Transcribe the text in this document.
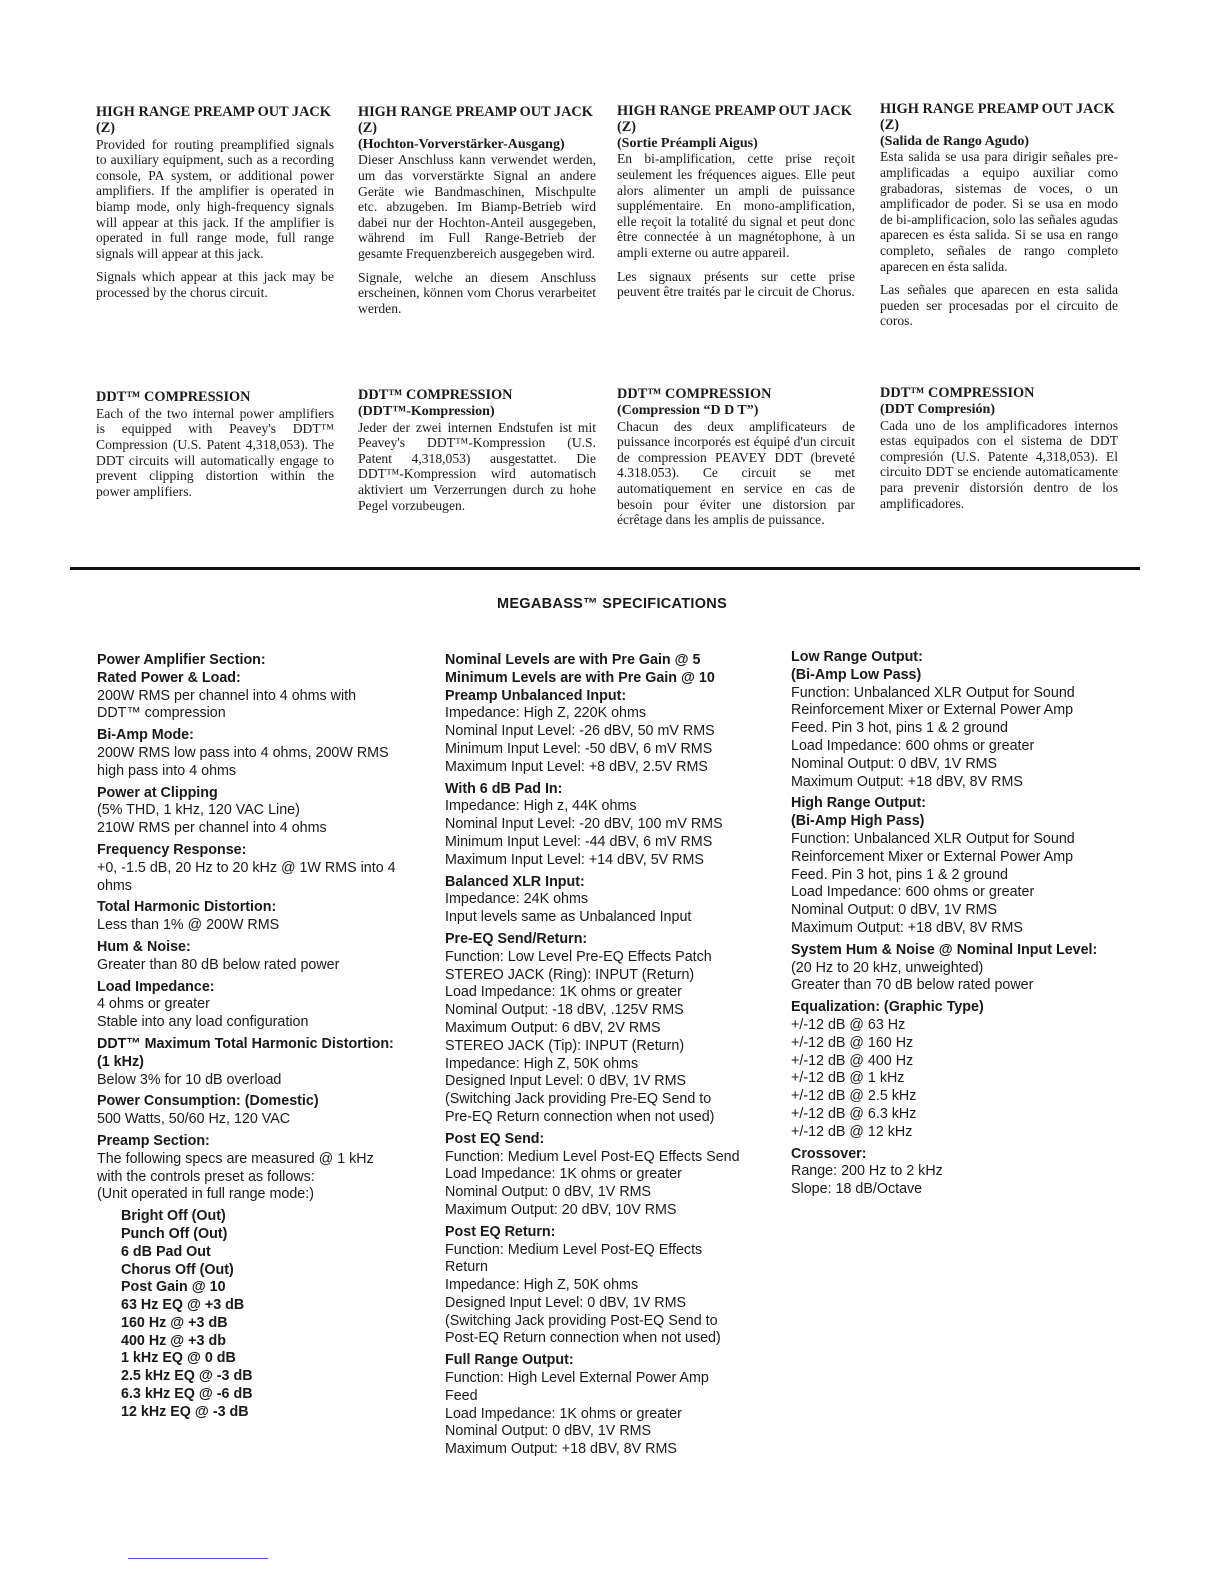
HIGH RANGE PREAMP OUT JACK (Z)

Provided for routing preamplified signals to auxiliary equipment, such as a recording console, PA system, or additional power amplifiers. If the amplifier is operated in biamp mode, only high-frequency signals will appear at this jack. If the amplifier is operated in full range mode, full range signals will appear at this jack.

Signals which appear at this jack may be processed by the chorus circuit.

DDT™ COMPRESSION

Each of the two internal power amplifiers is equipped with Peavey's DDT™ Compression (U.S. Patent 4,318,053). The DDT circuits will automatically engage to prevent clipping distortion within the power amplifiers.

HIGH RANGE PREAMP OUT JACK (Z)
(Hochton-Vorverstärker-Ausgang)

Dieser Anschluss kann verwendet werden, um das vorverstärkte Signal an andere Geräte wie Bandmaschinen, Mischpulte etc. abzugeben. Im Biamp-Betrieb wird dabei nur der Hochton-Anteil ausgegeben, während im Full Range-Betrieb der gesamte Frequenzbereich ausgegeben wird.

Signale, welche an diesem Anschluss erscheinen, können vom Chorus verarbeitet werden.

DDT™ COMPRESSION
(DDT™-Kompression)

Jeder der zwei internen Endstufen ist mit Peavey's DDT™-Kompression (U.S. Patent 4,318,053) ausgestattet. Die DDT™-Kompression wird automatisch aktiviert um Verzerrungen durch zu hohe Pegel vorzubeugen.

HIGH RANGE PREAMP OUT JACK (Z)
(Sortie Préampli Aigus)

En bi-amplification, cette prise reçoit seulement les fréquences aigues. Elle peut alors alimenter un ampli de puissance supplémentaire. En mono-amplification, elle reçoit la totalité du signal et peut donc être connectée à un magnétophone, à un ampli externe ou autre appareil.

Les signaux présents sur cette prise peuvent être traités par le circuit de Chorus.

DDT™ COMPRESSION
(Compression “D D T”)

Chacun des deux amplificateurs de puissance incorporés est équipé d'un circuit de compression PEAVEY DDT (breveté 4.318.053). Ce circuit se met automatiquement en service en cas de besoin pour éviter une distorsion par écrêtage dans les amplis de puissance.

HIGH RANGE PREAMP OUT JACK (Z)
(Salida de Rango Agudo)

Esta salida se usa para dirigir señales pre-amplificadas a equipo auxiliar como grabadoras, sistemas de voces, o un amplificador de poder. Si se usa en modo de bi-amplificacion, solo las señales agudas aparecen es ésta salida. Si se usa en rango completo, señales de rango completo aparecen en ésta salida.

Las señales que aparecen en esta salida pueden ser procesadas por el circuito de coros.

DDT™ COMPRESSION
(DDT Compresión)

Cada uno de los amplificadores internos estas equipados con el sistema de DDT compresión (U.S. Patente 4,318,053). El circuito DDT se enciende automaticamente para prevenir distorsión dentro de los amplificadores.

MEGABASS™ SPECIFICATIONS
Power Amplifier Section:
Rated Power & Load:
200W RMS per channel into 4 ohms with
DDT™ compression
Bi-Amp Mode:
200W RMS low pass into 4 ohms, 200W RMS
high pass into 4 ohms
Power at Clipping
(5% THD, 1 kHz, 120 VAC Line)
210W RMS per channel into 4 ohms
Frequency Response:
+0, -1.5 dB, 20 Hz to 20 kHz @ 1W RMS into 4
ohms
Total Harmonic Distortion:
Less than 1% @ 200W RMS
Hum & Noise:
Greater than 80 dB below rated power
Load Impedance:
4 ohms or greater
Stable into any load configuration
DDT™ Maximum Total Harmonic Distortion:
(1 kHz)
Below 3% for 10 dB overload
Power Consumption: (Domestic)
500 Watts, 50/60 Hz, 120 VAC
Preamp Section:
The following specs are measured @ 1 kHz
with the controls preset as follows:
(Unit operated in full range mode:)
Bright Off (Out)
Punch Off (Out)
6 dB Pad Out
Chorus Off (Out)
Post Gain @ 10
63 Hz EQ @ +3 dB
160 Hz @ +3 dB
400 Hz @ +3 db
1 kHz EQ @ 0 dB
2.5 kHz EQ @ -3 dB
6.3 kHz EQ @ -6 dB
12 kHz EQ @ -3 dB
Nominal Levels are with Pre Gain @ 5
Minimum Levels are with Pre Gain @ 10
Preamp Unbalanced Input:
Impedance: High Z, 220K ohms
Nominal Input Level: -26 dBV, 50 mV RMS
Minimum Input Level: -50 dBV, 6 mV RMS
Maximum Input Level: +8 dBV, 2.5V RMS
With 6 dB Pad In:
Impedance: High z, 44K ohms
Nominal Input Level: -20 dBV, 100 mV RMS
Minimum Input Level: -44 dBV, 6 mV RMS
Maximum Input Level: +14 dBV, 5V RMS
Balanced XLR Input:
Impedance: 24K ohms
Input levels same as Unbalanced Input
Pre-EQ Send/Return:
Function: Low Level Pre-EQ Effects Patch
STEREO JACK (Ring): INPUT (Return)
Load Impedance: 1K ohms or greater
Nominal Output: -18 dBV, .125V RMS
Maximum Output: 6 dBV, 2V RMS
STEREO JACK (Tip): INPUT (Return)
Impedance: High Z, 50K ohms
Designed Input Level: 0 dBV, 1V RMS
(Switching Jack providing Pre-EQ Send to
Pre-EQ Return connection when not used)
Post EQ Send:
Function: Medium Level Post-EQ Effects Send
Load Impedance: 1K ohms or greater
Nominal Output: 0 dBV, 1V RMS
Maximum Output: 20 dBV, 10V RMS
Post EQ Return:
Function: Medium Level Post-EQ Effects
Return
Impedance: High Z, 50K ohms
Designed Input Level: 0 dBV, 1V RMS
(Switching Jack providing Post-EQ Send to
Post-EQ Return connection when not used)
Full Range Output:
Function: High Level External Power Amp
Feed
Load Impedance: 1K ohms or greater
Nominal Output: 0 dBV, 1V RMS
Maximum Output: +18 dBV, 8V RMS
Low Range Output:
(Bi-Amp Low Pass)
Function: Unbalanced XLR Output for Sound
Reinforcement Mixer or External Power Amp
Feed. Pin 3 hot, pins 1 & 2 ground
Load Impedance: 600 ohms or greater
Nominal Output: 0 dBV, 1V RMS
Maximum Output: +18 dBV, 8V RMS
High Range Output:
(Bi-Amp High Pass)
Function: Unbalanced XLR Output for Sound
Reinforcement Mixer or External Power Amp
Feed. Pin 3 hot, pins 1 & 2 ground
Load Impedance: 600 ohms or greater
Nominal Output: 0 dBV, 1V RMS
Maximum Output: +18 dBV, 8V RMS
System Hum & Noise @ Nominal Input Level:
(20 Hz to 20 kHz, unweighted)
Greater than 70 dB below rated power
Equalization: (Graphic Type)
+/-12 dB @ 63 Hz
+/-12 dB @ 160 Hz
+/-12 dB @ 400 Hz
+/-12 dB @ 1 kHz
+/-12 dB @ 2.5 kHz
+/-12 dB @ 6.3 kHz
+/-12 dB @ 12 kHz
Crossover:
Range: 200 Hz to 2 kHz
Slope: 18 dB/Octave
